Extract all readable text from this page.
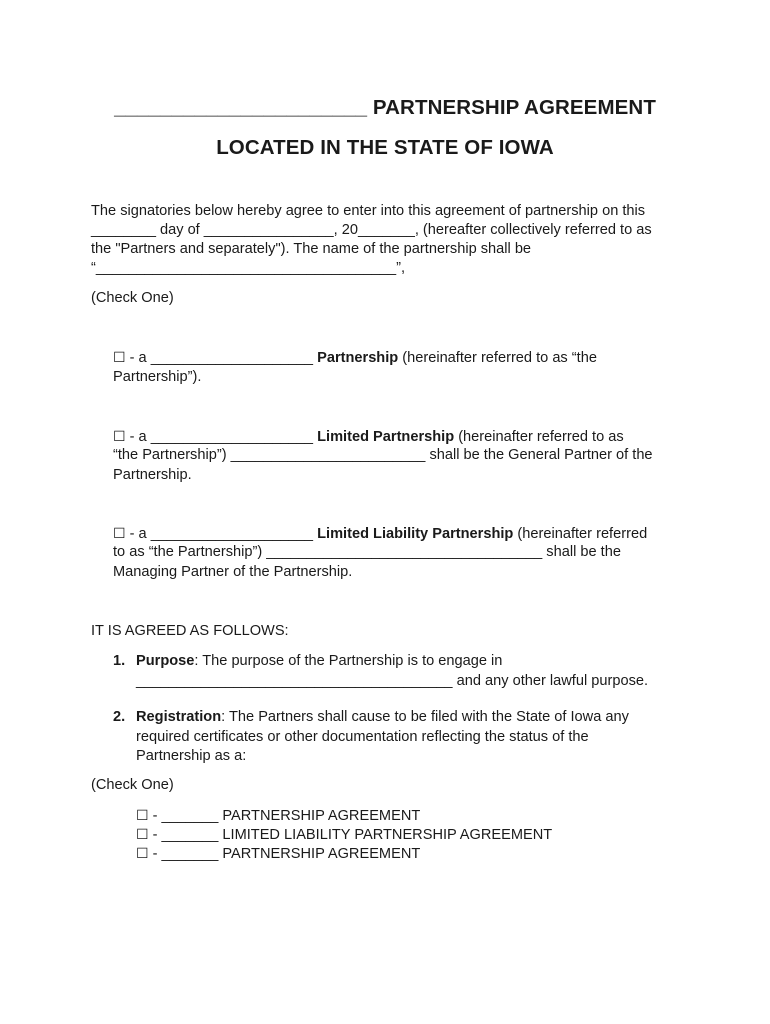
______________________ PARTNERSHIP AGREEMENT
LOCATED IN THE STATE OF IOWA
The signatories below hereby agree to enter into this agreement of partnership on this
________ day of ________________, 20_______, (hereafter collectively referred to as
the "Partners and separately"). The name of the partnership shall be
“_____________________________________”,
(Check One)
☐ - a ____________________ Partnership (hereinafter referred to as “the
Partnership”).
☐ - a ____________________ Limited Partnership (hereinafter referred to as
“the Partnership”) ________________________ shall be the General Partner of the
Partnership.
☐ - a ____________________ Limited Liability Partnership (hereinafter referred
to as “the Partnership”) __________________________________ shall be the
Managing Partner of the Partnership.
IT IS AGREED AS FOLLOWS:
1. Purpose: The purpose of the Partnership is to engage in
_______________________________________ and any other lawful purpose.
2. Registration: The Partners shall cause to be filed with the State of Iowa any
required certificates or other documentation reflecting the status of the
Partnership as a:
(Check One)
☐ - _______ PARTNERSHIP AGREEMENT
☐ - _______ LIMITED LIABILITY PARTNERSHIP AGREEMENT
☐ - _______ PARTNERSHIP AGREEMENT
